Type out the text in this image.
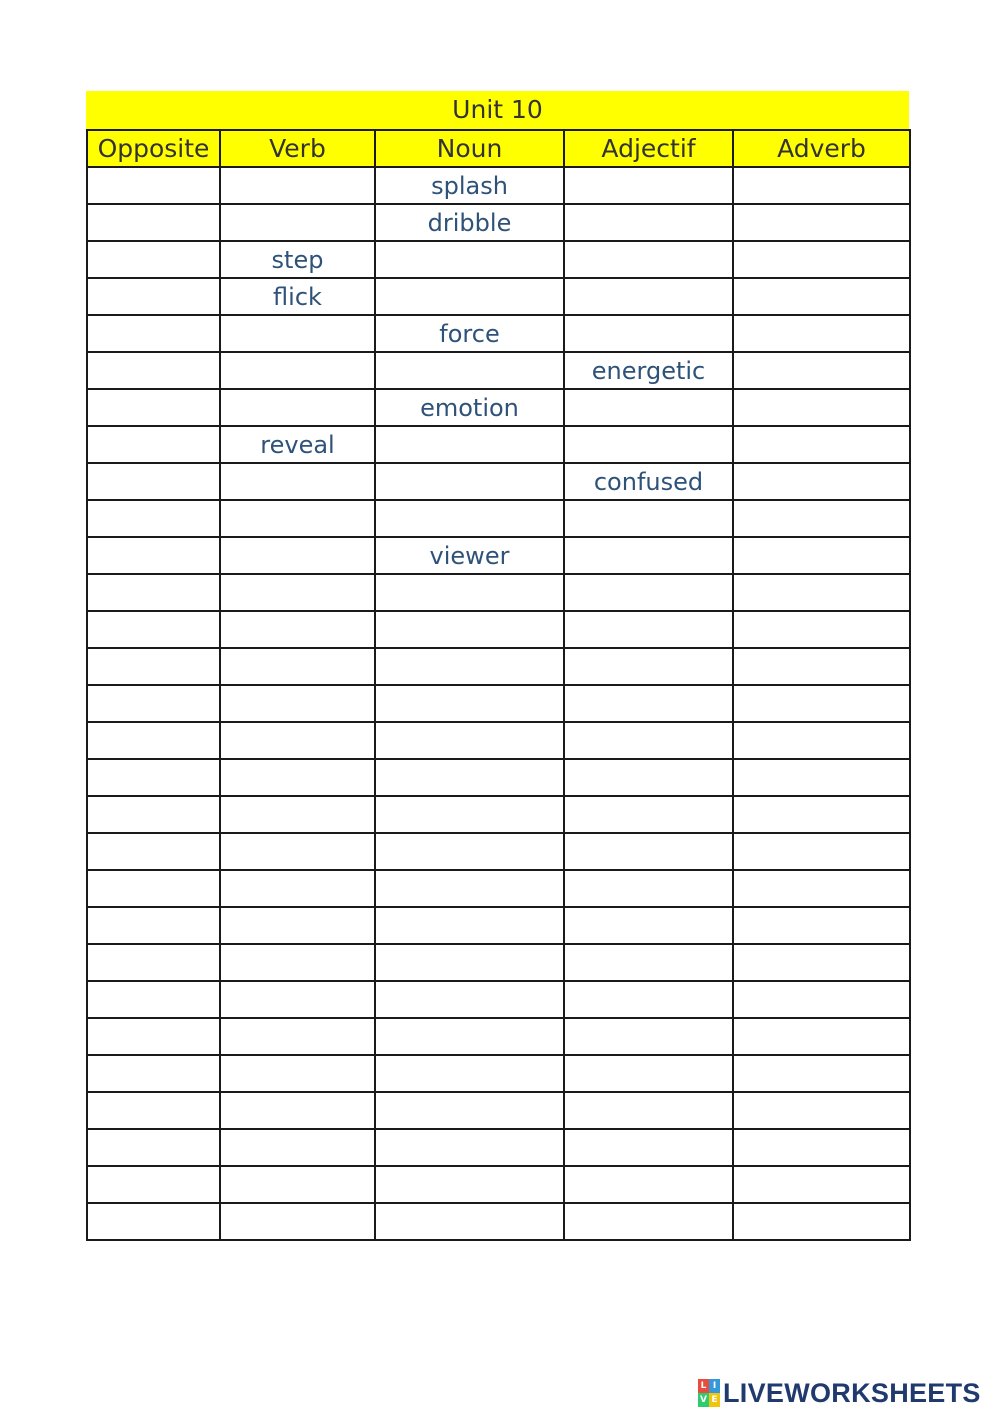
Unit 10
Opposite	Verb	Noun	Adjectif	Adverb
		splash		
		dribble		
	step			
	flick			
		force		
			energetic	
		emotion		
	reveal			
			confused	

		viewer		

L I
V E LIVEWORKSHEETS
